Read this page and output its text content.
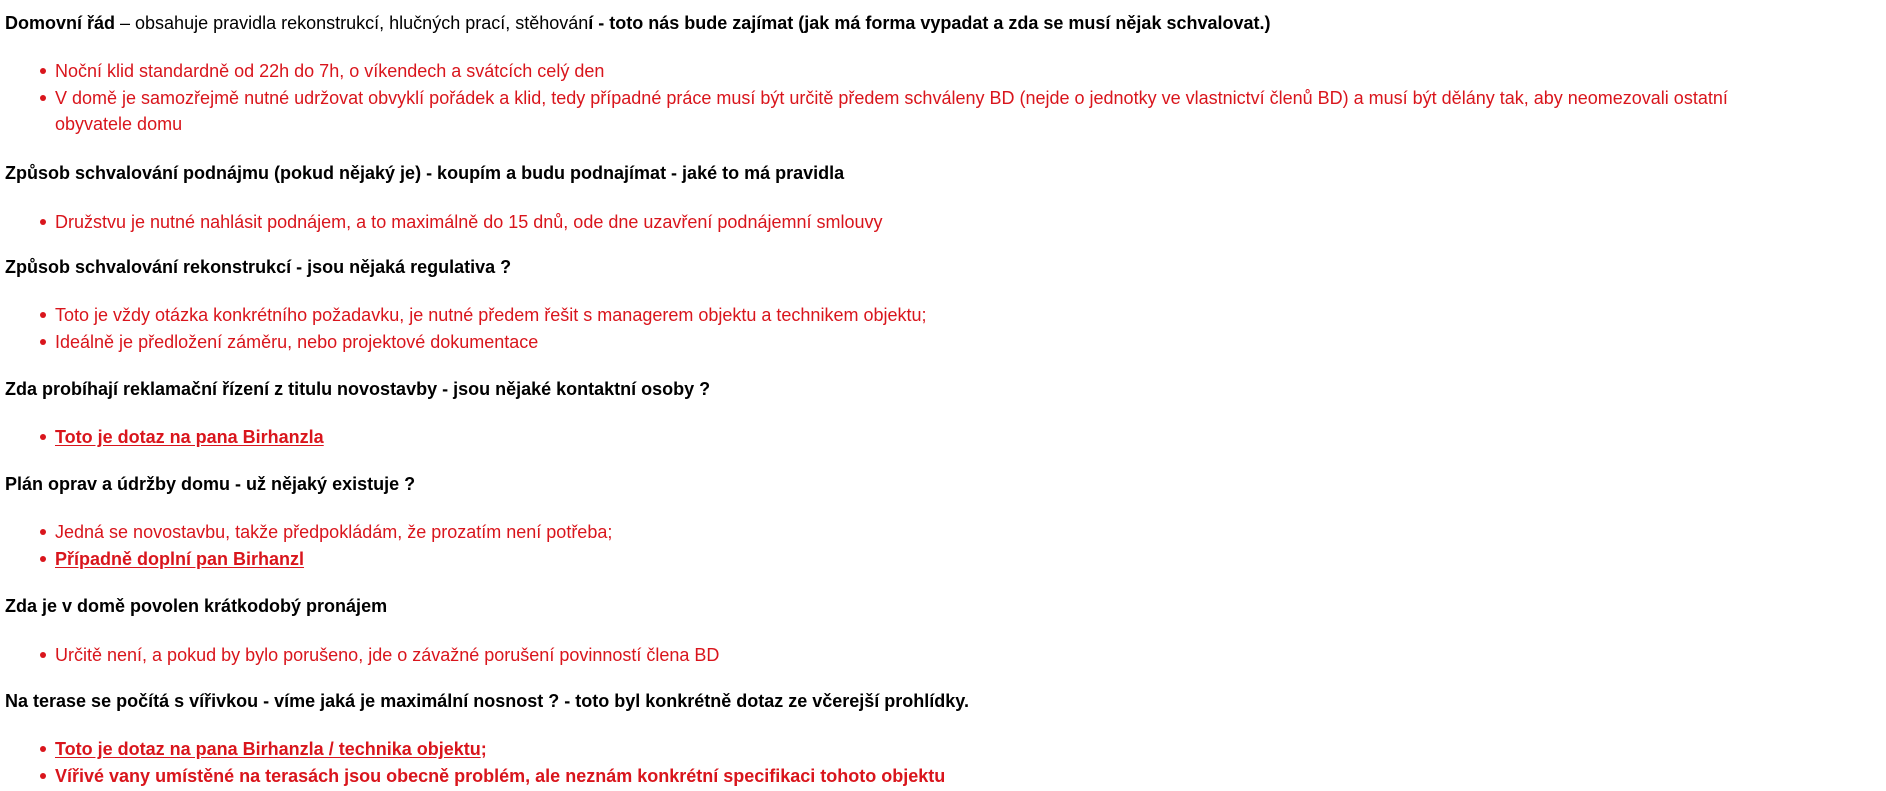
Domovní řád – obsahuje pravidla rekonstrukcí, hlučných prací, stěhování - toto nás bude zajímat (jak má forma vypadat a zda se musí nějak schvalovat.)
Noční klid standardně od 22h do 7h, o víkendech a svátcích celý den
V domě je samozřejmě nutné udržovat obvyklí pořádek a klid, tedy případné práce musí být určitě předem schváleny BD (nejde o jednotky ve vlastnictví členů BD) a musí být dělány tak, aby neomezovali ostatní
obyvatele domu
Způsob schvalování podnájmu (pokud nějaký je) - koupím a budu podnajímat - jaké to má pravidla
Družstvu je nutné nahlásit podnájem, a to maximálně do 15 dnů, ode dne uzavření podnájemní smlouvy
Způsob schvalování rekonstrukcí - jsou nějaká regulativa ?
Toto je vždy otázka konkrétního požadavku, je nutné předem řešit s managerem objektu a technikem objektu;
Ideálně je předložení záměru, nebo projektové dokumentace
Zda probíhají reklamační řízení z titulu novostavby - jsou nějaké kontaktní osoby ?
Toto je dotaz na pana Birhanzla
Plán oprav a údržby domu - už nějaký existuje ?
Jedná se novostavbu, takže předpokládám, že prozatím není potřeba;
Případně doplní pan Birhanzl
Zda je v domě povolen krátkodobý pronájem
Určitě není, a pokud by bylo porušeno, jde o závažné porušení povinností člena BD
Na terase se počítá s vířivkou - víme jaká je maximální nosnost ? - toto byl konkrétně dotaz ze včerejší prohlídky.
Toto je dotaz na pana Birhanzla / technika objektu;
Vířivé vany umístěné na terasách jsou obecně problém, ale neznám konkrétní specifikaci tohoto objektu
